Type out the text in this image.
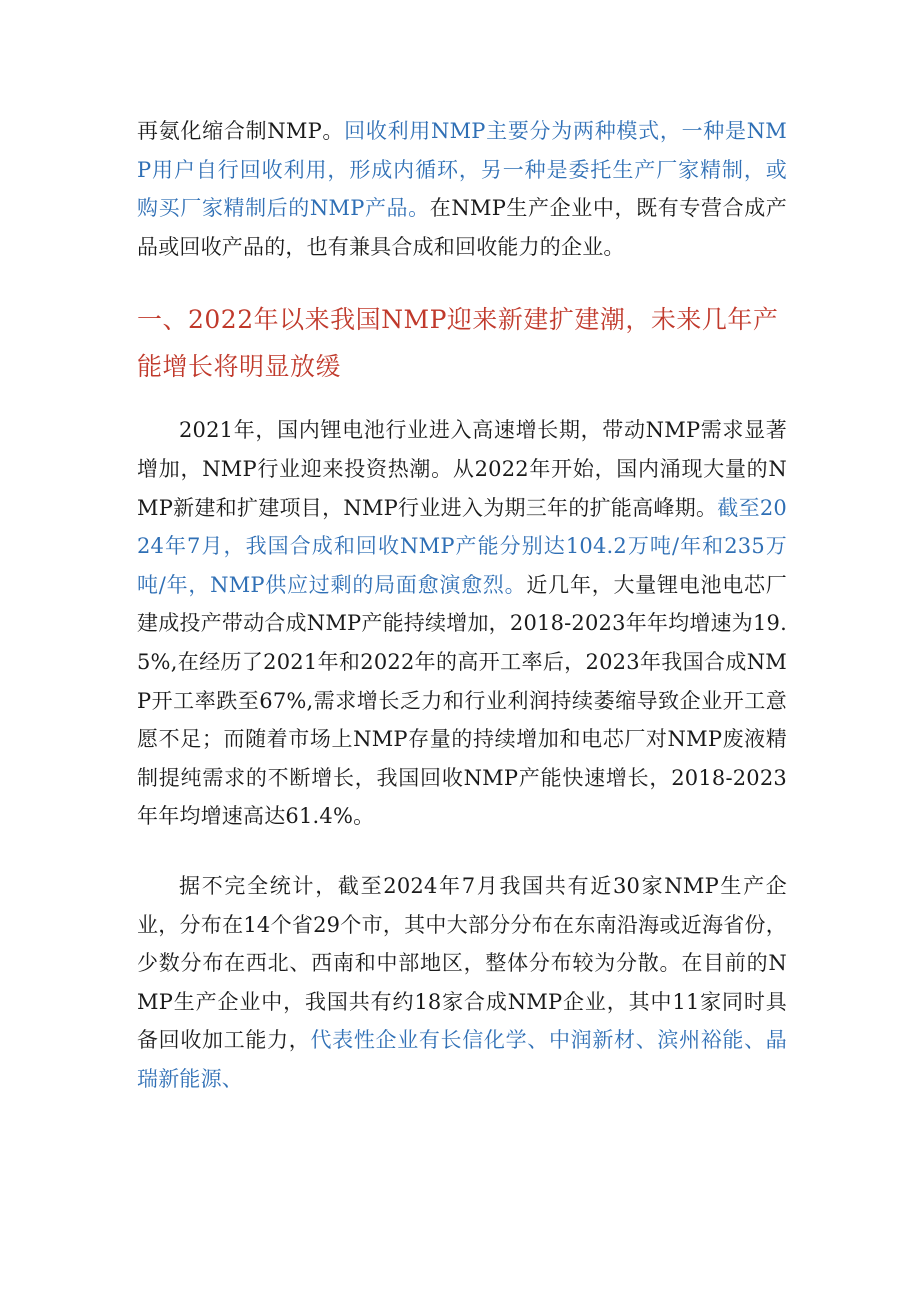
再氨化缩合制NMP。回收利用NMP主要分为两种模式，一种是NMP用户自行回收利用，形成内循环，另一种是委托生产厂家精制，或购买厂家精制后的NMP产品。在NMP生产企业中，既有专营合成产品或回收产品的，也有兼具合成和回收能力的企业。

一、2022年以来我国NMP迎来新建扩建潮，未来几年产能增长将明显放缓

2021年，国内锂电池行业进入高速增长期，带动NMP需求显著增加，NMP行业迎来投资热潮。从2022年开始，国内涌现大量的NMP新建和扩建项目，NMP行业进入为期三年的扩能高峰期。截至2024年7月，我国合成和回收NMP产能分别达104.2万吨/年和235万吨/年，NMP供应过剩的局面愈演愈烈。近几年，大量锂电池电芯厂建成投产带动合成NMP产能持续增加，2018-2023年年均增速为19.5%,在经历了2021年和2022年的高开工率后，2023年我国合成NMP开工率跌至67%,需求增长乏力和行业利润持续萎缩导致企业开工意愿不足；而随着市场上NMP存量的持续增加和电芯厂对NMP废液精制提纯需求的不断增长，我国回收NMP产能快速增长，2018-2023年年均增速高达61.4%。

据不完全统计，截至2024年7月我国共有近30家NMP生产企业，分布在14个省29个市，其中大部分分布在东南沿海或近海省份，少数分布在西北、西南和中部地区，整体分布较为分散。在目前的NMP生产企业中，我国共有约18家合成NMP企业，其中11家同时具备回收加工能力，代表性企业有长信化学、中润新材、滨州裕能、晶瑞新能源、
